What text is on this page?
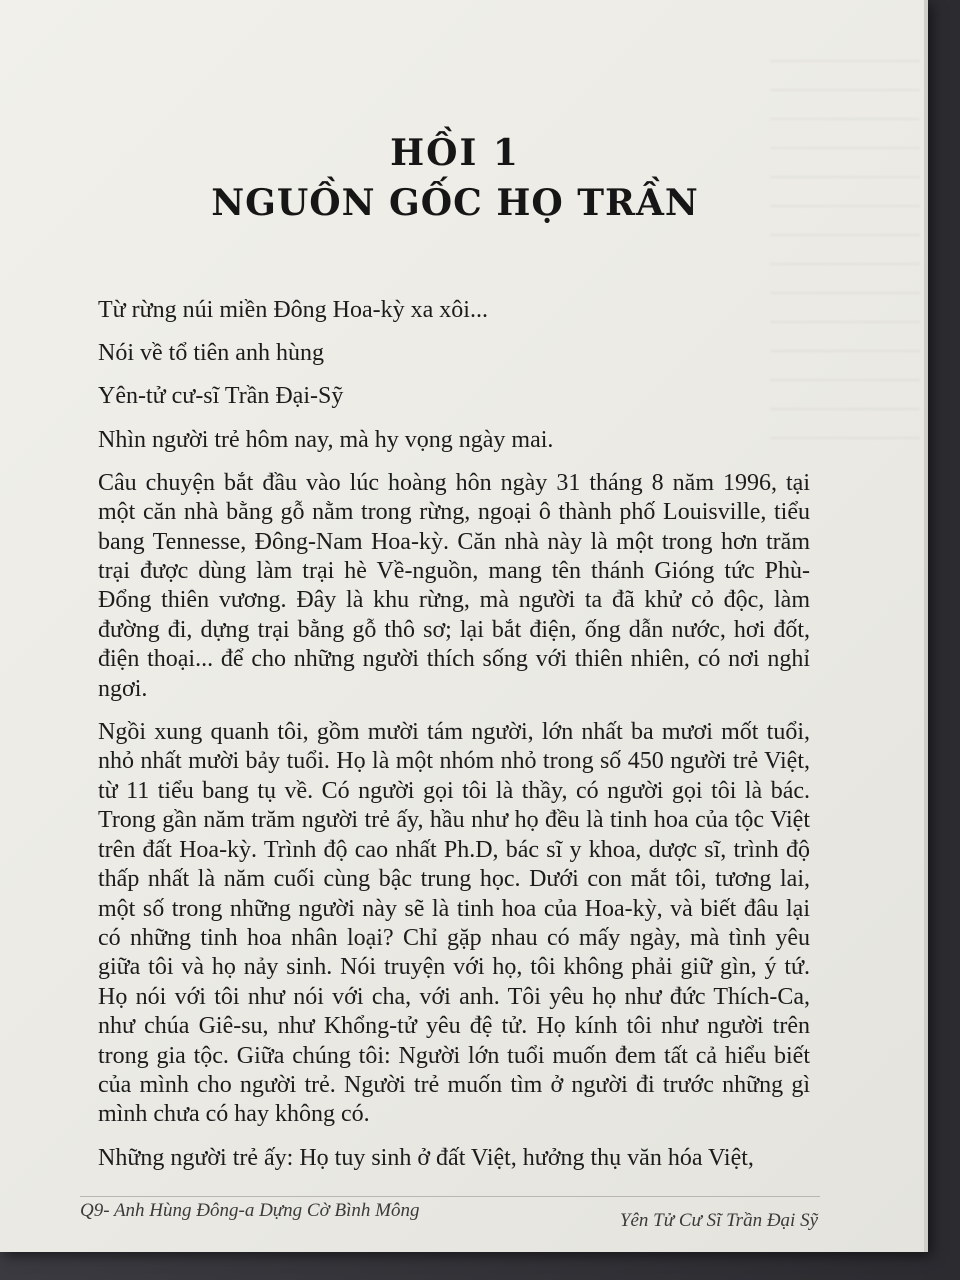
HỒI 1
NGUỒN GỐC HỌ TRẦN

Từ rừng núi miền Đông Hoa-kỳ xa xôi...

Nói về tổ tiên anh hùng

Yên-tử cư-sĩ Trần Đại-Sỹ

Nhìn người trẻ hôm nay, mà hy vọng ngày mai.

Câu chuyện bắt đầu vào lúc hoàng hôn ngày 31 tháng 8 năm 1996, tại một căn nhà bằng gỗ nằm trong rừng, ngoại ô thành phố Louisville, tiểu bang Tennesse, Đông-Nam Hoa-kỳ. Căn nhà này là một trong hơn trăm trại được dùng làm trại hè Về-nguồn, mang tên thánh Gióng tức Phù-Đổng thiên vương. Đây là khu rừng, mà người ta đã khử cỏ độc, làm đường đi, dựng trại bằng gỗ thô sơ; lại bắt điện, ống dẫn nước, hơi đốt, điện thoại... để cho những người thích sống với thiên nhiên, có nơi nghỉ ngơi.

Ngồi xung quanh tôi, gồm mười tám người, lớn nhất ba mươi mốt tuổi, nhỏ nhất mười bảy tuổi. Họ là một nhóm nhỏ trong số 450 người trẻ Việt, từ 11 tiểu bang tụ về. Có người gọi tôi là thầy, có người gọi tôi là bác. Trong gần năm trăm người trẻ ấy, hầu như họ đều là tinh hoa của tộc Việt trên đất Hoa-kỳ. Trình độ cao nhất Ph.D, bác sĩ y khoa, dược sĩ, trình độ thấp nhất là năm cuối cùng bậc trung học. Dưới con mắt tôi, tương lai, một số trong những người này sẽ là tinh hoa của Hoa-kỳ, và biết đâu lại có những tinh hoa nhân loại? Chỉ gặp nhau có mấy ngày, mà tình yêu giữa tôi và họ nảy sinh. Nói truyện với họ, tôi không phải giữ gìn, ý tứ. Họ nói với tôi như nói với cha, với anh. Tôi yêu họ như đức Thích-Ca, như chúa Giê-su, như Khổng-tử yêu đệ tử. Họ kính tôi như người trên trong gia tộc. Giữa chúng tôi: Người lớn tuổi muốn đem tất cả hiểu biết của mình cho người trẻ. Người trẻ muốn tìm ở người đi trước những gì mình chưa có hay không có.

Những người trẻ ấy: Họ tuy sinh ở đất Việt, hưởng thụ văn hóa Việt,

Q9- Anh Hùng Đông-a Dựng Cờ Bình Mông	Yên Tử Cư Sĩ Trần Đại Sỹ
